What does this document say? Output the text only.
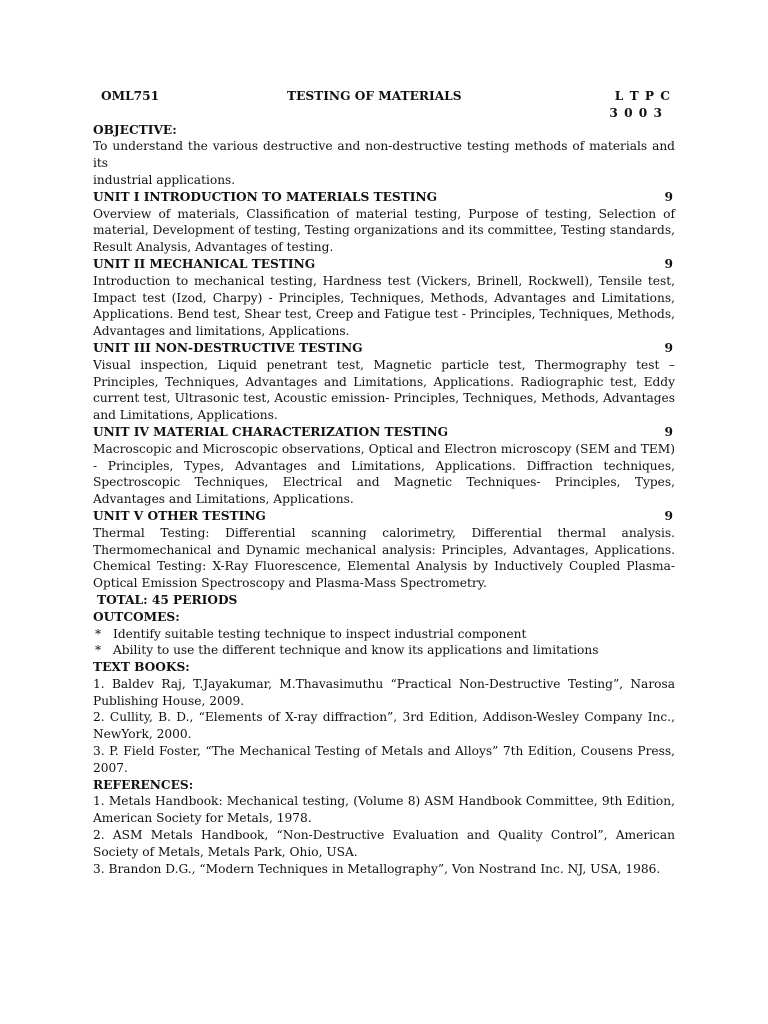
OML751	TESTING OF MATERIALS	L T P C
3 0 0 3
OBJECTIVE:
To understand the various destructive and non-destructive testing methods of materials and its
industrial applications.
UNIT I INTRODUCTION TO MATERIALS TESTING	9
Overview of materials, Classification of material testing, Purpose of testing, Selection of material, Development of testing, Testing organizations and its committee, Testing standards, Result Analysis, Advantages of testing.
UNIT II MECHANICAL TESTING	9
Introduction to mechanical testing, Hardness test (Vickers, Brinell, Rockwell), Tensile test, Impact test (Izod, Charpy) - Principles, Techniques, Methods, Advantages and Limitations, Applications. Bend test, Shear test, Creep and Fatigue test - Principles, Techniques, Methods, Advantages and limitations, Applications.
UNIT III NON-DESTRUCTIVE TESTING	9
Visual inspection, Liquid penetrant test, Magnetic particle test, Thermography test – Principles, Techniques, Advantages and Limitations, Applications. Radiographic test, Eddy current test, Ultrasonic test, Acoustic emission- Principles, Techniques, Methods, Advantages and Limitations, Applications.
UNIT IV MATERIAL CHARACTERIZATION TESTING	9
Macroscopic and Microscopic observations, Optical and Electron microscopy (SEM and TEM) - Principles, Types, Advantages and Limitations, Applications. Diffraction techniques, Spectroscopic Techniques, Electrical and Magnetic Techniques- Principles, Types, Advantages and Limitations, Applications.
UNIT V OTHER TESTING	9
Thermal Testing: Differential scanning calorimetry, Differential thermal analysis. Thermomechanical and Dynamic mechanical analysis: Principles, Advantages, Applications. Chemical Testing: X-Ray Fluorescence, Elemental Analysis by Inductively Coupled Plasma-Optical Emission Spectroscopy and Plasma-Mass Spectrometry.
TOTAL: 45 PERIODS
OUTCOMES:
* Identify suitable testing technique to inspect industrial component
* Ability to use the different technique and know its applications and limitations
TEXT BOOKS:
1. Baldev Raj, T.Jayakumar, M.Thavasimuthu “Practical Non-Destructive Testing”, Narosa Publishing House, 2009.
2. Cullity, B. D., “Elements of X-ray diffraction”, 3rd Edition, Addison-Wesley Company Inc., NewYork, 2000.
3. P. Field Foster, “The Mechanical Testing of Metals and Alloys” 7th Edition, Cousens Press, 2007.
REFERENCES:
1. Metals Handbook: Mechanical testing, (Volume 8) ASM Handbook Committee, 9th Edition, American Society for Metals, 1978.
2. ASM Metals Handbook, “Non-Destructive Evaluation and Quality Control”, American Society of Metals, Metals Park, Ohio, USA.
3. Brandon D.G., “Modern Techniques in Metallography”, Von Nostrand Inc. NJ, USA, 1986.
